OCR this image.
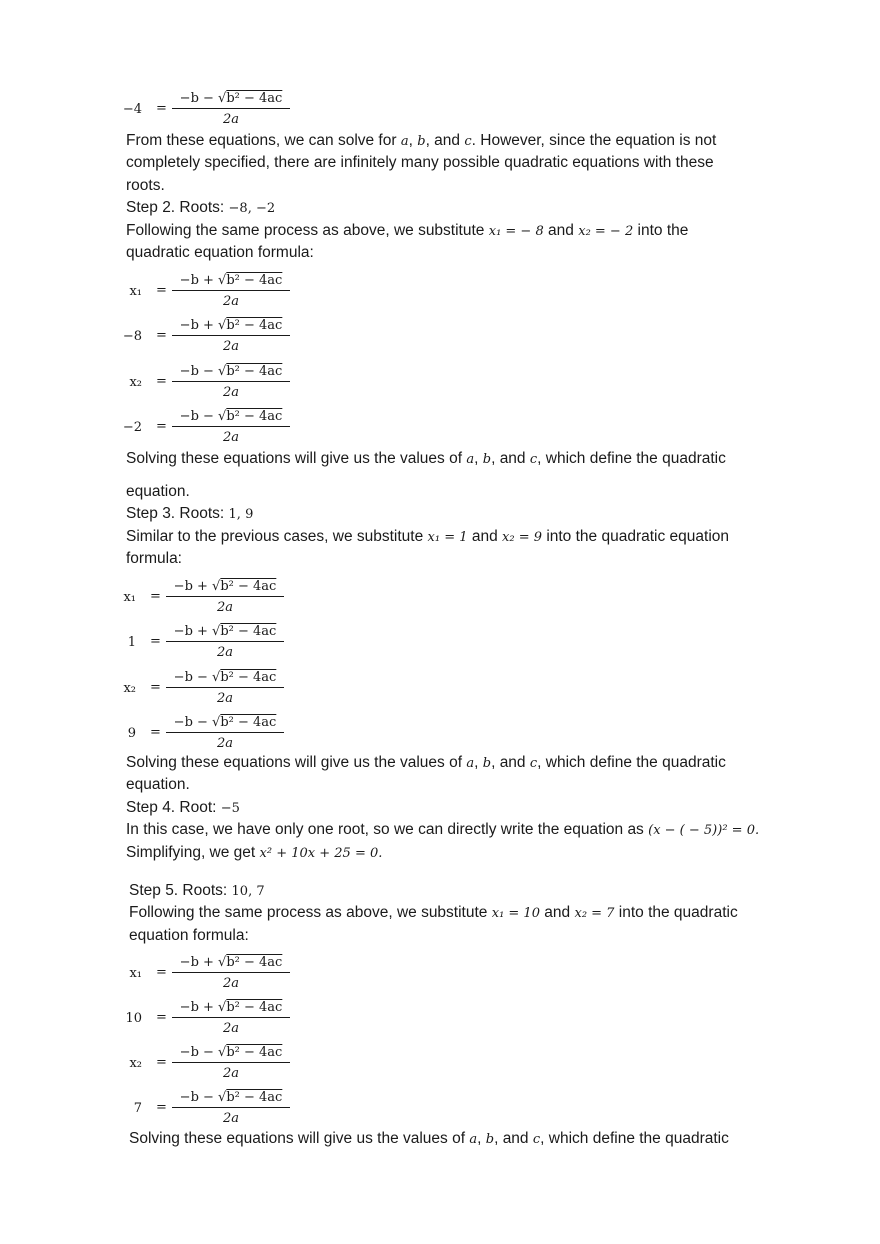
$-4 = \frac{\text{−b − √b² − 4ac}}{2a}$

From these equations, we can solve for a, b, and c. However, since the equation is not

completely specified, there are infinitely many possible quadratic equations with these

roots.

Step 2. Roots: −8, −2

Following the same process as above, we substitute x₁ = − 8 and x₂ = − 2 into the

quadratic equation formula:

$x_1 = \frac{\text{−b + √b² − 4ac}}{2a}$
$-8 = \frac{\text{−b + √b² − 4ac}}{2a}$
$x_2 = \frac{\text{−b − √b² − 4ac}}{2a}$
$-2 = \frac{\text{−b − √b² − 4ac}}{2a}$

Solving these equations will give us the values of a, b, and c, which define the quadratic

equation.

Step 3. Roots: 1, 9

Similar to the previous cases, we substitute x₁ = 1 and x₂ = 9 into the quadratic equation

formula:

$x_1 = \frac{\text{−b + √b² − 4ac}}{2a}$
$1 = \frac{\text{−b + √b² − 4ac}}{2a}$
$x_2 = \frac{\text{−b − √b² − 4ac}}{2a}$
$9 = \frac{\text{−b − √b² − 4ac}}{2a}$

Solving these equations will give us the values of a, b, and c, which define the quadratic

equation.

Step 4. Root: −5

In this case, we have only one root, so we can directly write the equation as (x − ( − 5))² = 0.

Simplifying, we get x² + 10x + 25 = 0.

Step 5. Roots: 10, 7

Following the same process as above, we substitute x₁ = 10 and x₂ = 7 into the quadratic

equation formula:

$x_1 = \frac{\text{−b + √b² − 4ac}}{2a}$
$10 = \frac{\text{−b + √b² − 4ac}}{2a}$
$x_2 = \frac{\text{−b − √b² − 4ac}}{2a}$
$7 = \frac{\text{−b − √b² − 4ac}}{2a}$

Solving these equations will give us the values of a, b, and c, which define the quadratic
